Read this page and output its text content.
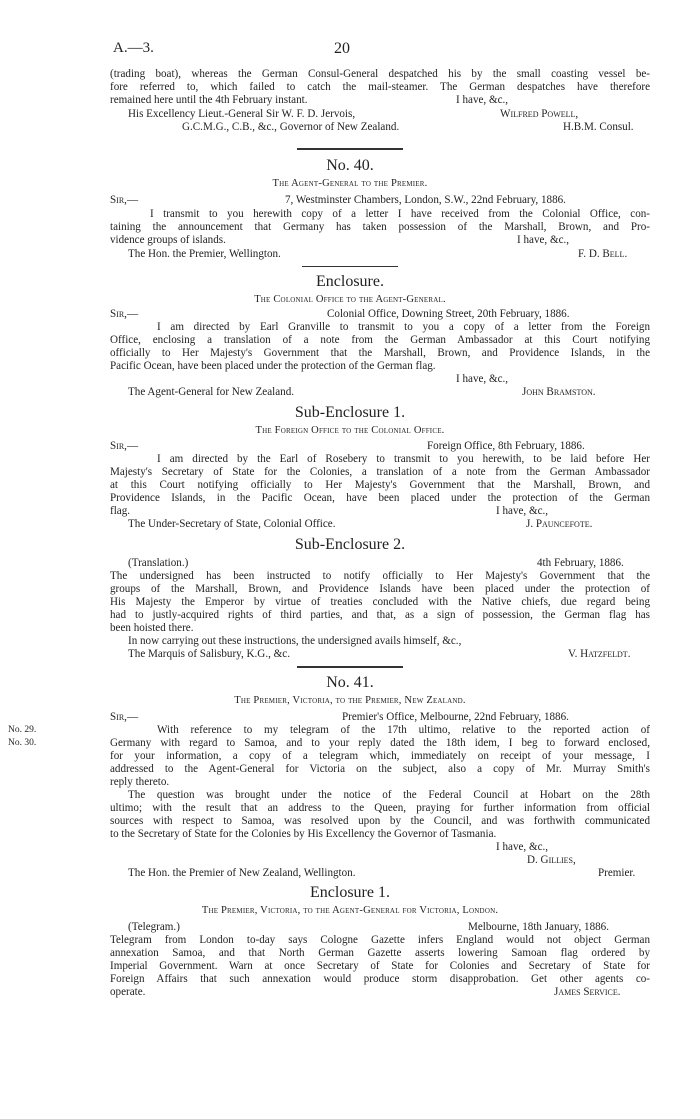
A.—3.	20
(trading boat), whereas the German Consul-General despatched his by the small coasting vessel be-
fore referred to, which failed to catch the mail-steamer. The German despatches have therefore
remained here until the 4th February instant.	I have, &c.,
His Excellency Lieut.-General Sir W. F. D. Jervois,	Wilfred Powell,
G.C.M.G., C.B., &c., Governor of New Zealand.	H.B.M. Consul.
No. 40.
The Agent-General to the Premier.
Sir,—	7, Westminster Chambers, London, S.W., 22nd February, 1886.
I transmit to you herewith copy of a letter I have received from the Colonial Office, con-
taining the announcement that Germany has taken possession of the Marshall, Brown, and Pro-
vidence groups of islands.	I have, &c.,
The Hon. the Premier, Wellington.	F. D. Bell.
Enclosure.
The Colonial Office to the Agent-General.
Sir,—	Colonial Office, Downing Street, 20th February, 1886.
I am directed by Earl Granville to transmit to you a copy of a letter from the Foreign
Office, enclosing a translation of a note from the German Ambassador at this Court notifying
officially to Her Majesty's Government that the Marshall, Brown, and Providence Islands, in the
Pacific Ocean, have been placed under the protection of the German flag.
I have, &c.,
The Agent-General for New Zealand.	John Bramston.
Sub-Enclosure 1.
The Foreign Office to the Colonial Office.
Sir,—	Foreign Office, 8th February, 1886.
I am directed by the Earl of Rosebery to transmit to you herewith, to be laid before Her
Majesty's Secretary of State for the Colonies, a translation of a note from the German Ambassador
at this Court notifying officially to Her Majesty's Government that the Marshall, Brown, and
Providence Islands, in the Pacific Ocean, have been placed under the protection of the German
flag.	I have, &c.,
The Under-Secretary of State, Colonial Office.	J. Pauncefote.
Sub-Enclosure 2.
(Translation.)	4th February, 1886.
The undersigned has been instructed to notify officially to Her Majesty's Government that the
groups of the Marshall, Brown, and Providence Islands have been placed under the protection of
His Majesty the Emperor by virtue of treaties concluded with the Native chiefs, due regard being
had to justly-acquired rights of third parties, and that, as a sign of possession, the German flag has
been hoisted there.
In now carrying out these instructions, the undersigned avails himself, &c.,
The Marquis of Salisbury, K.G., &c.	V. Hatzfeldt.
No. 41.
The Premier, Victoria, to the Premier, New Zealand.
Sir,—	Premier's Office, Melbourne, 22nd February, 1886.
No. 29.
No. 30.
With reference to my telegram of the 17th ultimo, relative to the reported action of
Germany with regard to Samoa, and to your reply dated the 18th idem, I beg to forward enclosed,
for your information, a copy of a telegram which, immediately on receipt of your message, I
addressed to the Agent-General for Victoria on the subject, also a copy of Mr. Murray Smith's
reply thereto.
The question was brought under the notice of the Federal Council at Hobart on the 28th
ultimo; with the result that an address to the Queen, praying for further information from official
sources with respect to Samoa, was resolved upon by the Council, and was forthwith communicated
to the Secretary of State for the Colonies by His Excellency the Governor of Tasmania.
I have, &c.,
D. Gillies,
The Hon. the Premier of New Zealand, Wellington.	Premier.
Enclosure 1.
The Premier, Victoria, to the Agent-General for Victoria, London.
(Telegram.)	Melbourne, 18th January, 1886.
Telegram from London to-day says Cologne Gazette infers England would not object German
annexation Samoa, and that North German Gazette asserts lowering Samoan flag ordered by
Imperial Government. Warn at once Secretary of State for Colonies and Secretary of State for
Foreign Affairs that such annexation would produce storm disapprobation. Get other agents co-
operate.	James Service.
